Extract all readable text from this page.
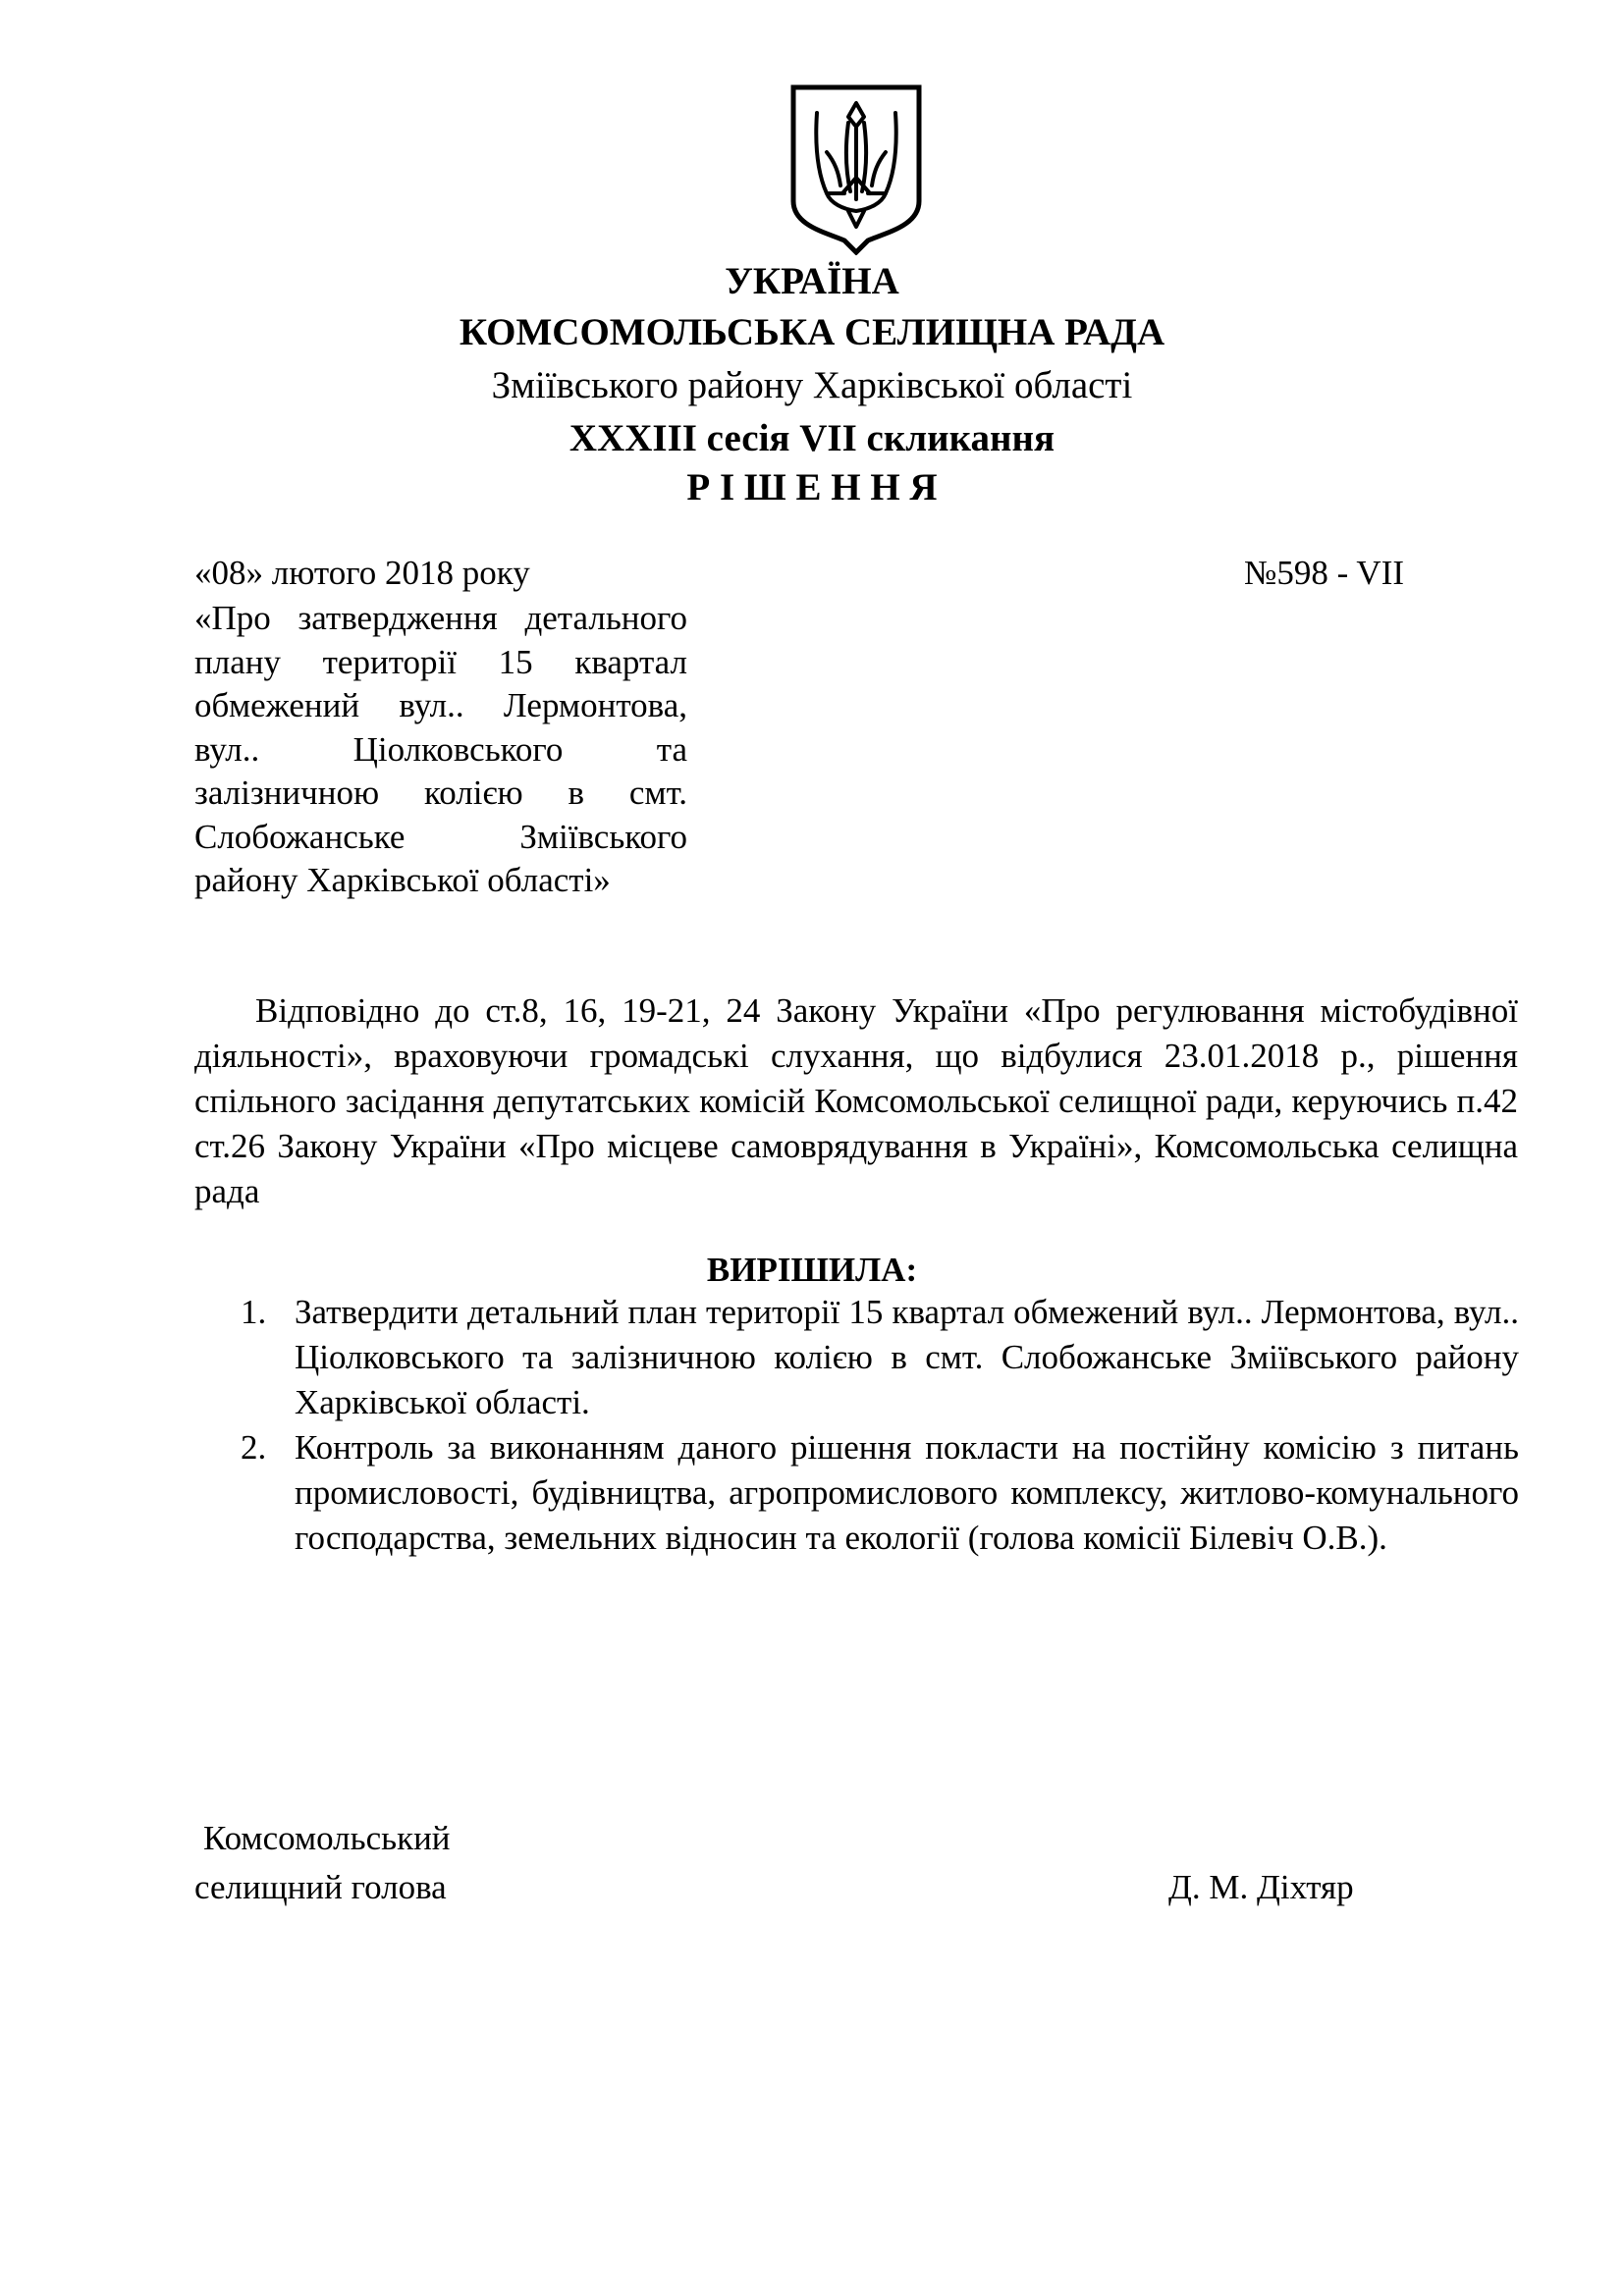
УКРАЇНА

КОМСОМОЛЬСЬКА СЕЛИЩНА РАДА

Зміївського району Харківської області

XXXIII сесія VII скликання

Р І Ш Е Н Н Я

«08» лютого 2018 року	№598 - VII

«Про затвердження детального плану території 15 квартал обмежений вул.. Лермонтова, вул.. Ціолковського та залізничною колією в смт. Слобожанське Зміївського району Харківської області»

Відповідно до ст.8, 16, 19-21, 24 Закону України «Про регулювання містобудівної діяльності», враховуючи громадські слухання, що відбулися 23.01.2018 р., рішення спільного засідання депутатських комісій Комсомольської селищної ради, керуючись п.42 ст.26 Закону України «Про місцеве самоврядування в Україні», Комсомольська селищна рада

ВИРІШИЛА:

1. Затвердити детальний план території 15 квартал обмежений вул.. Лермонтова, вул.. Ціолковського та залізничною колією в смт. Слобожанське Зміївського району Харківської області.
2. Контроль за виконанням даного рішення покласти на постійну комісію з питань промисловості, будівництва, агропромислового комплексу, житлово-комунального господарства, земельних відносин та екології (голова комісії Білевіч О.В.).

Комсомольський

селищний голова	Д. М. Діхтяр
